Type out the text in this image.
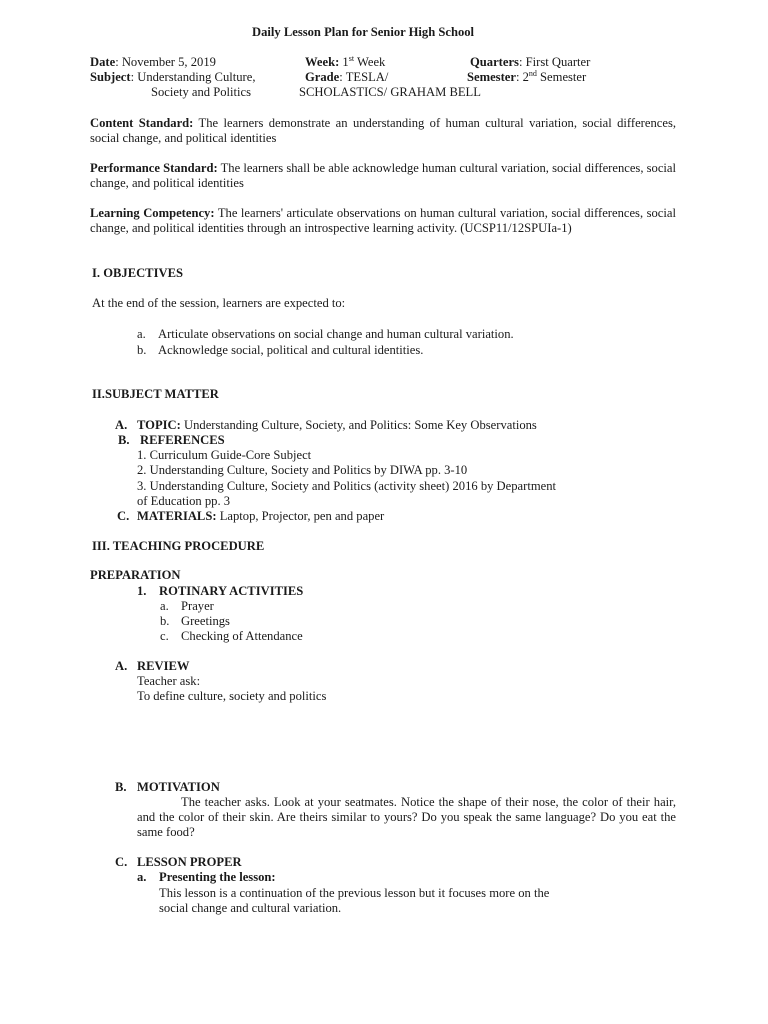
Daily Lesson Plan for Senior High School
Date: November 5, 2019	Week: 1st Week	Quarters: First Quarter
Subject: Understanding Culture,	Grade: TESLA/	Semester: 2nd Semester
Society and Politics	SCHOLASTICS/ GRAHAM BELL
Content Standard: The learners demonstrate an understanding of human cultural variation, social differences, social change, and political identities
Performance Standard: The learners shall be able acknowledge human cultural variation, social differences, social change, and political identities
Learning Competency: The learners' articulate observations on human cultural variation, social differences, social change, and political identities through an introspective learning activity. (UCSP11/12SPUIa-1)
I. OBJECTIVES
At the end of the session, learners are expected to:
a. Articulate observations on social change and human cultural variation.
b. Acknowledge social, political and cultural identities.
II.SUBJECT MATTER
A. TOPIC: Understanding Culture, Society, and Politics: Some Key Observations
B. REFERENCES
1. Curriculum Guide-Core Subject
2. Understanding Culture, Society and Politics by DIWA pp. 3-10
3. Understanding Culture, Society and Politics (activity sheet) 2016 by Department
of Education pp. 3
C. MATERIALS: Laptop, Projector, pen and paper
III. TEACHING PROCEDURE
PREPARATION
1. ROTINARY ACTIVITIES
a. Prayer
b. Greetings
c. Checking of Attendance
A. REVIEW
Teacher ask:
To define culture, society and politics
B. MOTIVATION
The teacher asks. Look at your seatmates. Notice the shape of their nose, the color of their hair, and the color of their skin. Are theirs similar to yours? Do you speak the same language? Do you eat the same food?
C. LESSON PROPER
a. Presenting the lesson:
This lesson is a continuation of the previous lesson but it focuses more on the
social change and cultural variation.
